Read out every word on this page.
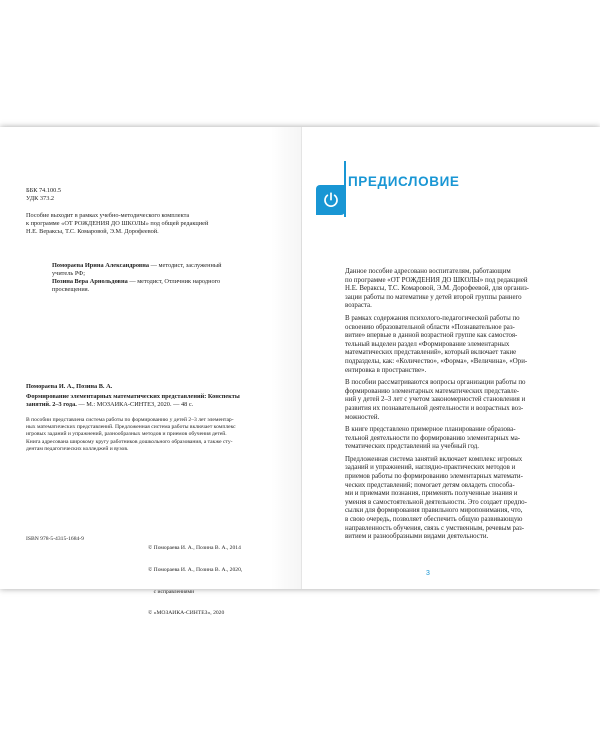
ББК 74.100.5
УДК 373.2
Пособие выходит в рамках учебно-методического комплекта
к программе «ОТ РОЖДЕНИЯ ДО ШКОЛЫ» под общей редакцией
Н.Е. Вераксы, Т.С. Комаровой, Э.М. Дорофеевой.
Помораева Ирина Александровна — методист, заслуженный
учитель РФ;
Позина Вера Арнольдовна — методист, Отличник народного
просвещения.
Помораева И. А., Позина В. А.
Формирование элементарных математических представлений: Конспекты
занятий. 2–3 года. — М.: МОЗАИКА-СИНТЕЗ, 2020. — 48 с.
В пособии представлена система работы по формированию у детей 2–3 лет элементар-
ных математических представлений. Предложенная система работы включает комплекс
игровых заданий и упражнений, разнообразных методов и приемов обучения детей.
Книга адресована широкому кругу работников дошкольного образования, а также сту-
дентам педагогических колледжей и вузов.
ISBN 978-5-4315-1684-9

© Помораева И. А., Позина В. А., 2014

© Помораева И. А., Позина В. А., 2020,

с исправлениями

© «МОЗАИКА-СИНТЕЗ», 2020

ПРЕДИСЛОВИЕ
Данное пособие адресовано воспитателям, работающим
по программе «ОТ РОЖДЕНИЯ ДО ШКОЛЫ» под редакцией
Н.Е. Вераксы, Т.С. Комаровой, Э.М. Дорофеевой, для организ-
зации работы по математике у детей второй группы раннего
возраста.
В рамках содержания психолого-педагогической работы по
освоению образовательной области «Познавательное раз-
витие» впервые в данной возрастной группе как самостоя-
тельный выделен раздел «Формирование элементарных
математических представлений», который включает такие
подразделы, как: «Количество», «Форма», «Величина», «Ори-
ентировка в пространстве».
В пособии рассматриваются вопросы организации работы по
формированию элементарных математических представле-
ний у детей 2–3 лет с учетом закономерностей становления и
развития их познавательной деятельности и возрастных воз-
можностей.
В книге представлено примерное планирование образова-
тельной деятельности по формированию элементарных ма-
тематических представлений на учебный год.
Предложенная система занятий включает комплекс игровых
заданий и упражнений, наглядно-практических методов и
приемов работы по формированию элементарных математи-
ческих представлений; помогает детям овладеть способа-
ми и приемами познания, применять полученные знания и
умения в самостоятельной деятельности. Это создает предпо-
сылки для формирования правильного миропонимания, что,
в свою очередь, позволяет обеспечить общую развивающую
направленность обучения, связь с умственным, речевым раз-
витием и разнообразными видами деятельности.
3
